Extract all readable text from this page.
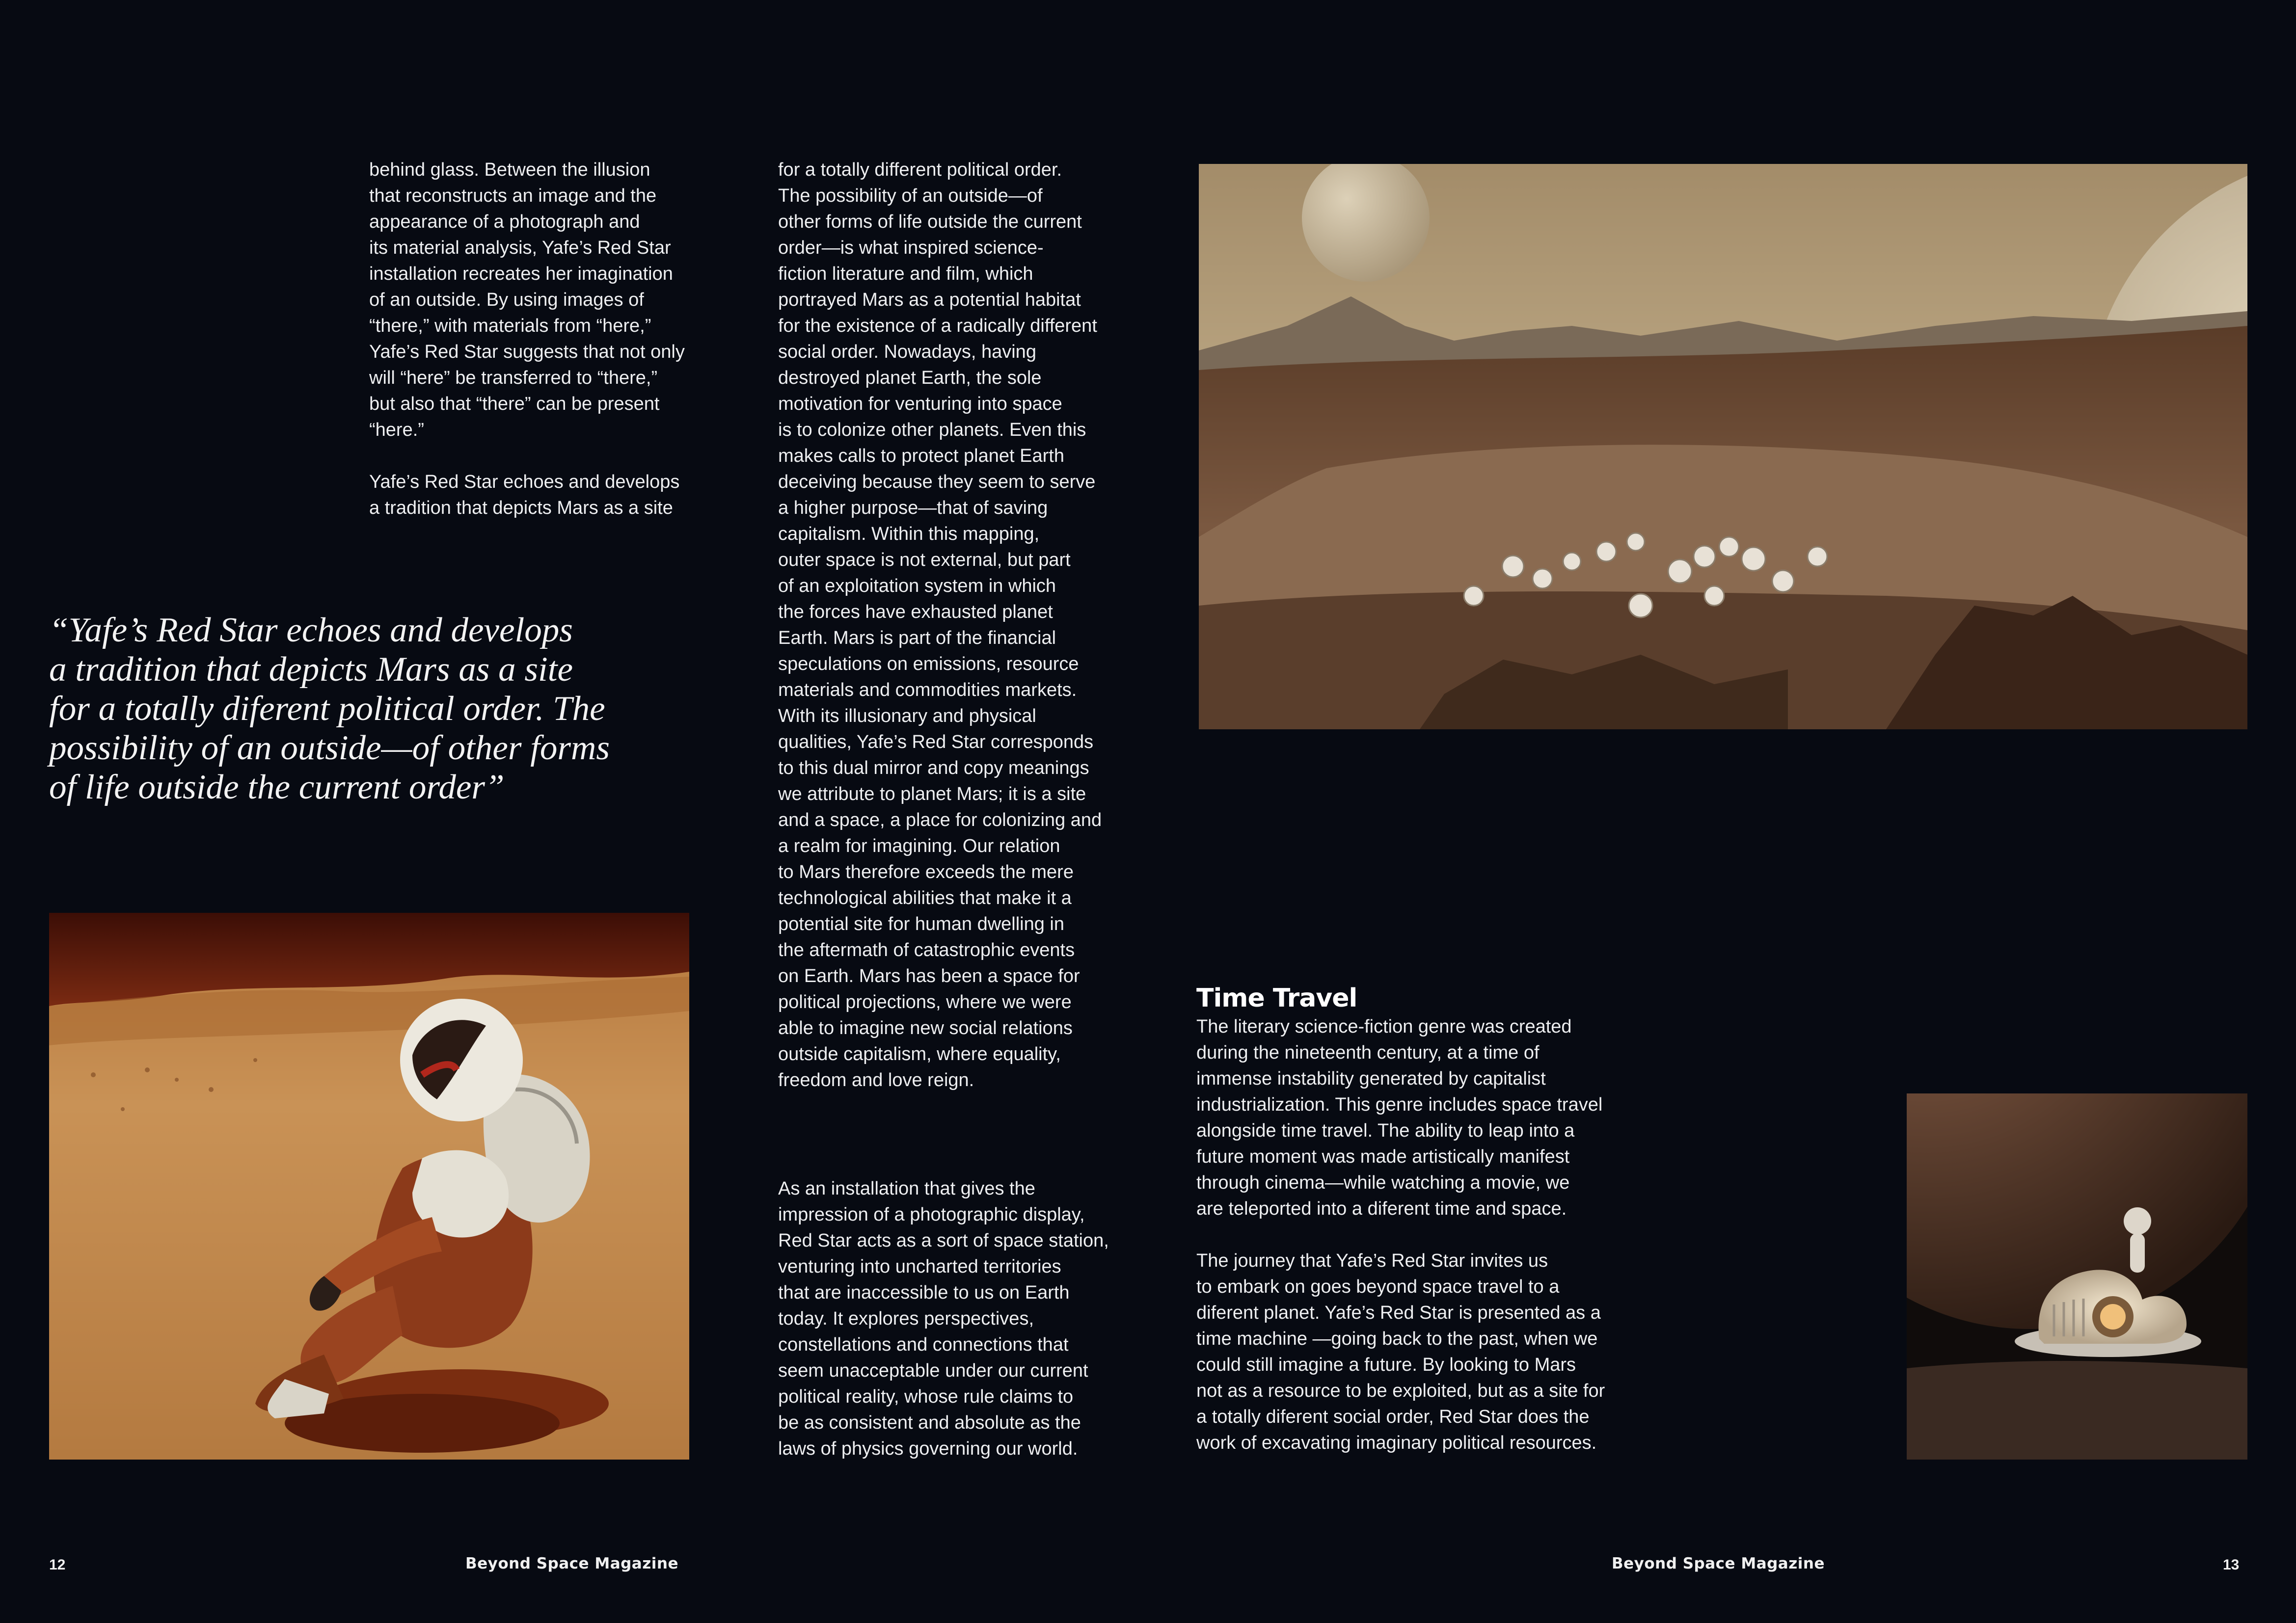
behind glass. Between the illusion
that reconstructs an image and the
appearance of a photograph and
its material analysis, Yafe’s Red Star
installation recreates her imagination
of an outside. By using images of
“there,” with materials from “here,”
Yafe’s Red Star suggests that not only
will “here” be transferred to “there,”
but also that “there” can be present
“here.”

Yafe’s Red Star echoes and develops
a tradition that depicts Mars as a site

“Yafe’s Red Star echoes and develops
a tradition that depicts Mars as a site
for a totally diferent political order. The
possibility of an outside—of other forms
of life outside the current order”

for a totally different political order.
The possibility of an outside—of
other forms of life outside the current
order—is what inspired science-
fiction literature and film, which
portrayed Mars as a potential habitat
for the existence of a radically different
social order. Nowadays, having
destroyed planet Earth, the sole
motivation for venturing into space
is to colonize other planets. Even this
makes calls to protect planet Earth
deceiving because they seem to serve
a higher purpose—that of saving
capitalism. Within this mapping,
outer space is not external, but part
of an exploitation system in which
the forces have exhausted planet
Earth. Mars is part of the financial
speculations on emissions, resource
materials and commodities markets.
With its illusionary and physical
qualities, Yafe’s Red Star corresponds
to this dual mirror and copy meanings
we attribute to planet Mars; it is a site
and a space, a place for colonizing and
a realm for imagining. Our relation
to Mars therefore exceeds the mere
technological abilities that make it a
potential site for human dwelling in
the aftermath of catastrophic events
on Earth. Mars has been a space for
political projections, where we were
able to imagine new social relations
outside capitalism, where equality,
freedom and love reign.

As an installation that gives the
impression of a photographic display,
Red Star acts as a sort of space station,
venturing into uncharted territories
that are inaccessible to us on Earth
today. It explores perspectives,
constellations and connections that
seem unacceptable under our current
political reality, whose rule claims to
be as consistent and absolute as the
laws of physics governing our world.

12	Beyond Space Magazine
Time Travel

The literary science-fiction genre was created
during the nineteenth century, at a time of
immense instability generated by capitalist
industrialization. This genre includes space travel
alongside time travel. The ability to leap into a
future moment was made artistically manifest
through cinema—while watching a movie, we
are teleported into a diferent time and space.

The journey that Yafe’s Red Star invites us
to embark on goes beyond space travel to a
diferent planet. Yafe’s Red Star is presented as a
time machine —going back to the past, when we
could still imagine a future. By looking to Mars
not as a resource to be exploited, but as a site for
a totally diferent social order, Red Star does the
work of excavating imaginary political resources.

Beyond Space Magazine	13
